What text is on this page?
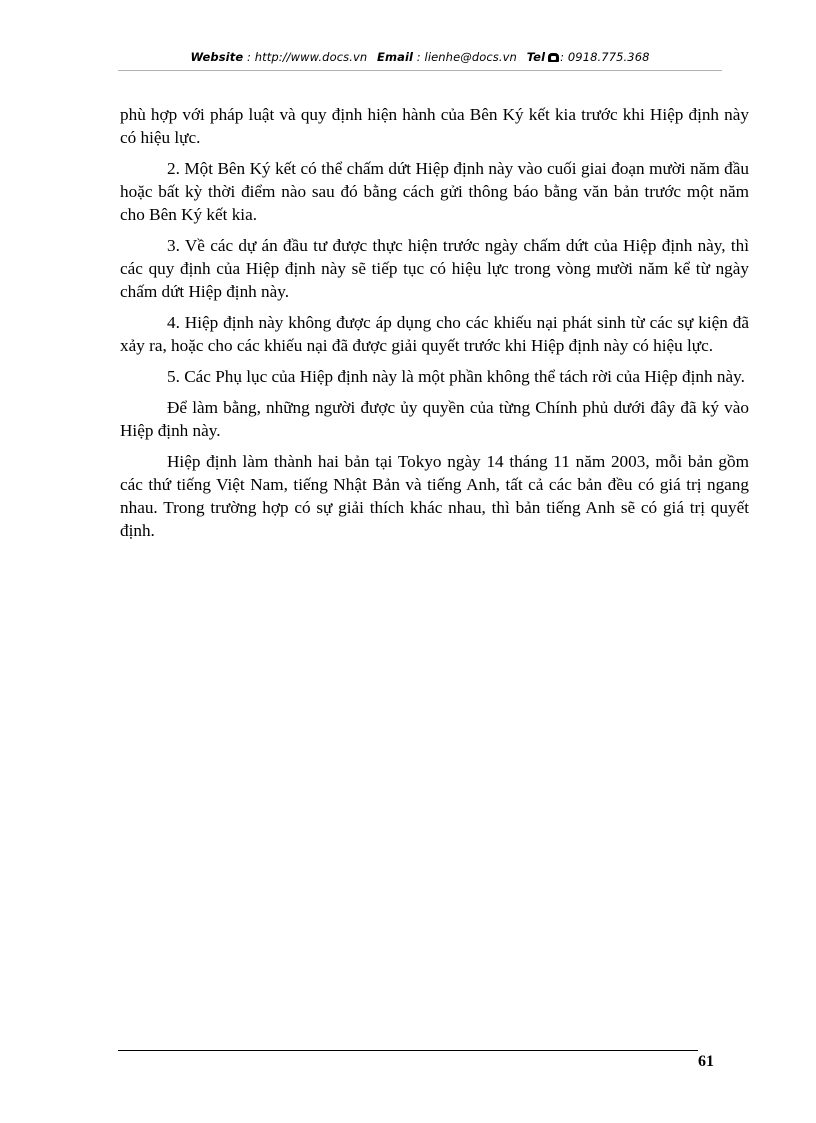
Website : http://www.docs.vn Email : lienhe@docs.vn Tel : 0918.775.368

phù hợp với pháp luật và quy định hiện hành của Bên Ký kết kia trước khi Hiệp định này có hiệu lực.

2. Một Bên Ký kết có thể chấm dứt Hiệp định này vào cuối giai đoạn mười năm đầu hoặc bất kỳ thời điểm nào sau đó bằng cách gửi thông báo bằng văn bản trước một năm cho Bên Ký kết kia.

3. Về các dự án đầu tư được thực hiện trước ngày chấm dứt của Hiệp định này, thì các quy định của Hiệp định này sẽ tiếp tục có hiệu lực trong vòng mười năm kể từ ngày chấm dứt Hiệp định này.

4. Hiệp định này không được áp dụng cho các khiếu nại phát sinh từ các sự kiện đã xảy ra, hoặc cho các khiếu nại đã được giải quyết trước khi Hiệp định này có hiệu lực.

5. Các Phụ lục của Hiệp định này là một phần không thể tách rời của Hiệp định này.

Để làm bằng, những người được ủy quyền của từng Chính phủ dưới đây đã ký vào Hiệp định này.

Hiệp định làm thành hai bản tại Tokyo ngày 14 tháng 11 năm 2003, mỗi bản gồm các thứ tiếng Việt Nam, tiếng Nhật Bản và tiếng Anh, tất cả các bản đều có giá trị ngang nhau. Trong trường hợp có sự giải thích khác nhau, thì bản tiếng Anh sẽ có giá trị quyết định.

61
